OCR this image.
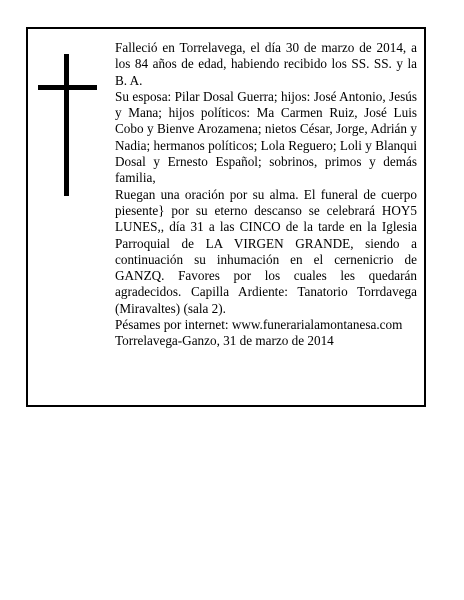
Falleció en Torrelavega, el día 30 de marzo de 2014, a los 84 años de edad, habiendo recibido los SS. SS. y la B. A.

Su esposa: Pilar Dosal Guerra; hijos: José Antonio, Jesús y Mana; hijos políticos: Ma Carmen Ruiz, José Luis Cobo y Bienve Arozamena; nietos César, Jorge, Adrián y Nadia; hermanos políticos; Lola Reguero; Loli y Blanqui Dosal y Ernesto Español; sobrinos, primos y demás familia,

Ruegan una oración por su alma. El funeral de cuerpo piesente} por su eterno descanso se celebrará HOY5 LUNES,, día 31 a las CINCO de la tarde en la Iglesia Parroquial de LA VIRGEN GRANDE, siendo a continuación su inhumación en el cernenicrio de GANZQ. Favores por los cuales les quedarán agradecidos. Capilla Ardiente: Tanatorio Torrdavega (Miravaltes) (sala 2).

Pésames por internet: www.funerarialamontanesa.com

Torrelavega-Ganzo, 31 de marzo de 2014
